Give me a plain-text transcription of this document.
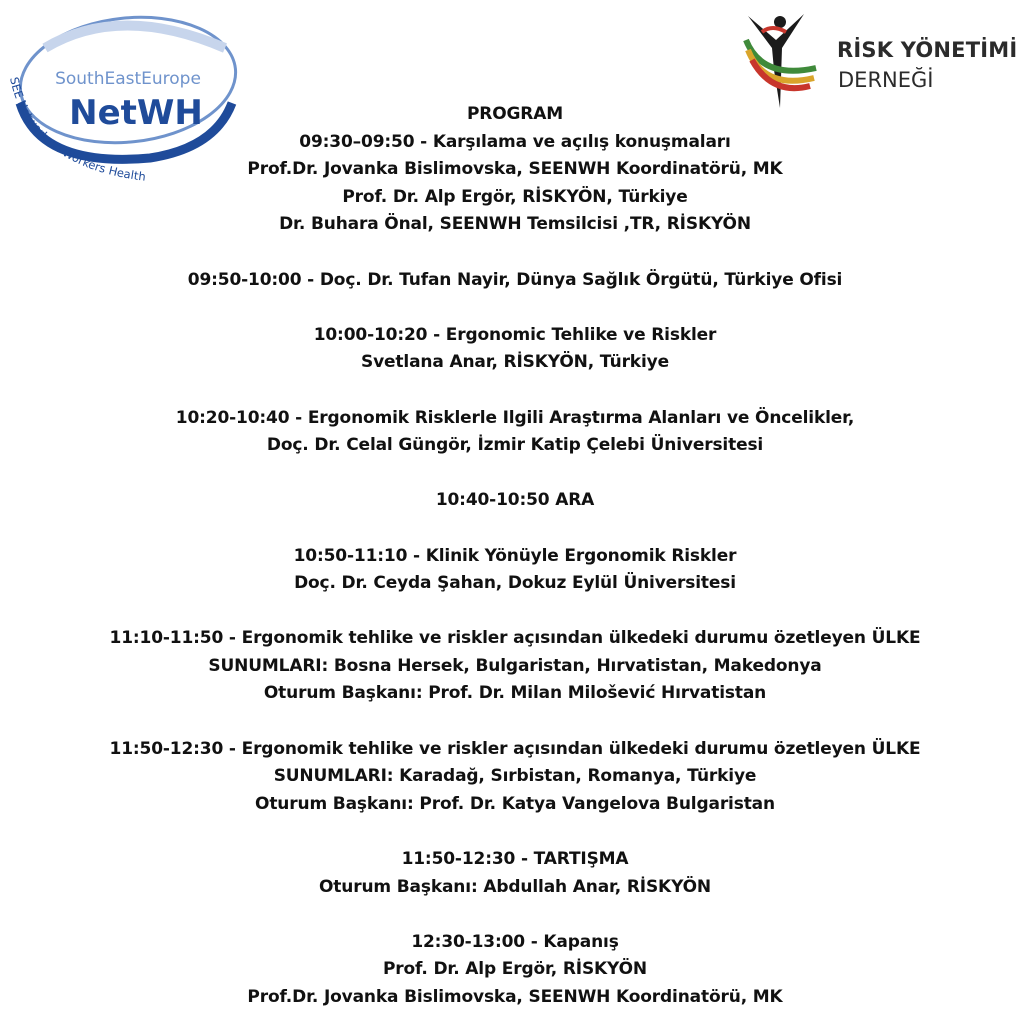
SouthEastEurope
NetWH
SEE Network on Workers Health
RİSK YÖNETİMİ
DERNEĞİ
PROGRAM
09:30–09:50 - Karşılama ve açılış konuşmaları
Prof.Dr. Jovanka Bislimovska, SEENWH Koordinatörü, MK
Prof. Dr. Alp Ergör, RİSKYÖN, Türkiye
Dr. Buhara Önal, SEENWH Temsilcisi ,TR, RİSKYÖN
09:50-10:00 - Doç. Dr. Tufan Nayir, Dünya Sağlık Örgütü, Türkiye Ofisi
10:00-10:20 - Ergonomic Tehlike ve Riskler
Svetlana Anar, RİSKYÖN, Türkiye
10:20-10:40 - Ergonomik Risklerle Ilgili Araştırma Alanları ve Öncelikler,
Doç. Dr. Celal Güngör, İzmir Katip Çelebi Üniversitesi
10:40-10:50 ARA
10:50-11:10 - Klinik Yönüyle Ergonomik Riskler
Doç. Dr. Ceyda Şahan, Dokuz Eylül Üniversitesi
11:10-11:50 - Ergonomik tehlike ve riskler açısından ülkedeki durumu özetleyen ÜLKE
SUNUMLARI: Bosna Hersek, Bulgaristan, Hırvatistan, Makedonya
Oturum Başkanı: Prof. Dr. Milan Milošević Hırvatistan
11:50-12:30 - Ergonomik tehlike ve riskler açısından ülkedeki durumu özetleyen ÜLKE
SUNUMLARI: Karadağ, Sırbistan, Romanya, Türkiye
Oturum Başkanı: Prof. Dr. Katya Vangelova Bulgaristan
11:50-12:30 - TARTIŞMA
Oturum Başkanı: Abdullah Anar, RİSKYÖN
12:30-13:00 - Kapanış
Prof. Dr. Alp Ergör, RİSKYÖN
Prof.Dr. Jovanka Bislimovska, SEENWH Koordinatörü, MK
